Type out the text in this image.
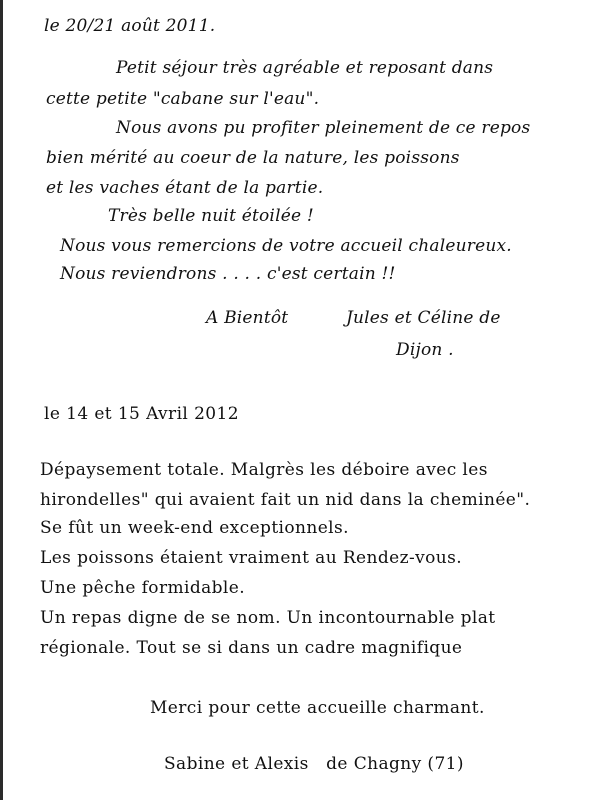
le 20/21 août 2011.
Petit séjour très agréable et reposant dans
cette petite "cabane sur l'eau".
Nous avons pu profiter pleinement de ce repos
bien mérité au coeur de la nature, les poissons
et les vaches étant de la partie.
Très belle nuit étoilée !
Nous vous remercions de votre accueil chaleureux.
Nous reviendrons . . . . c'est certain !!
A Bientôt	Jules et Céline de
Dijon .
le 14 et 15 Avril 2012
Dépaysement totale. Malgrès les déboire avec les
hirondelles" qui avaient fait un nid dans la cheminée".
Se fût un week-end exceptionnels.
Les poissons étaient vraiment au Rendez-vous.
Une pêche formidable.
Un repas digne de se nom. Un incontournable plat
régionale. Tout se si dans un cadre magnifique
Merci pour cette accueille charmant.
Sabine et Alexis   de Chagny (71)
